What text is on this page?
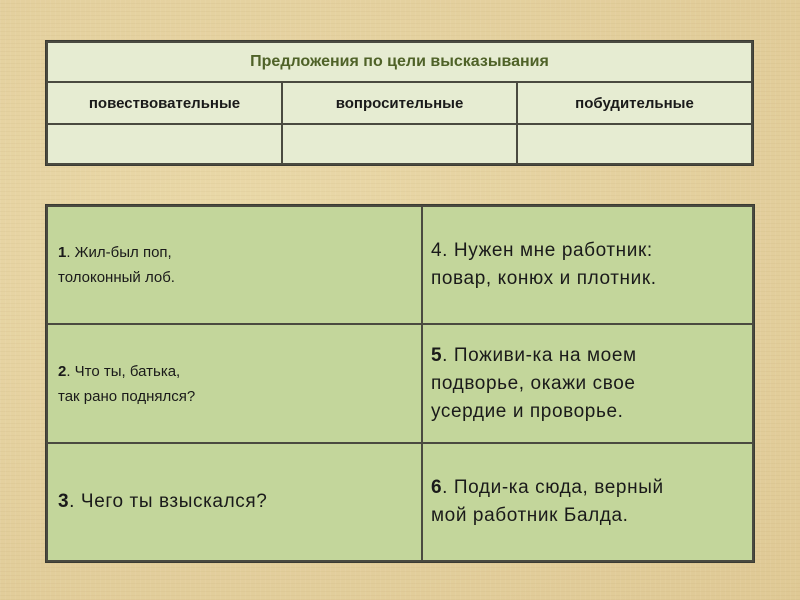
Предложения по цели высказывания		
повествовательные	вопросительные	побудительные

1. Жил-был поп,
толоконный лоб.	4. Нужен мне работник:
повар, конюх и плотник.

2. Что ты, батька,
так рано поднялся?	5. Поживи-ка на моем
подворье, окажи свое
усердие и проворье.

3. Чего ты взыскался?	6. Поди-ка сюда, верный
мой работник Балда.
